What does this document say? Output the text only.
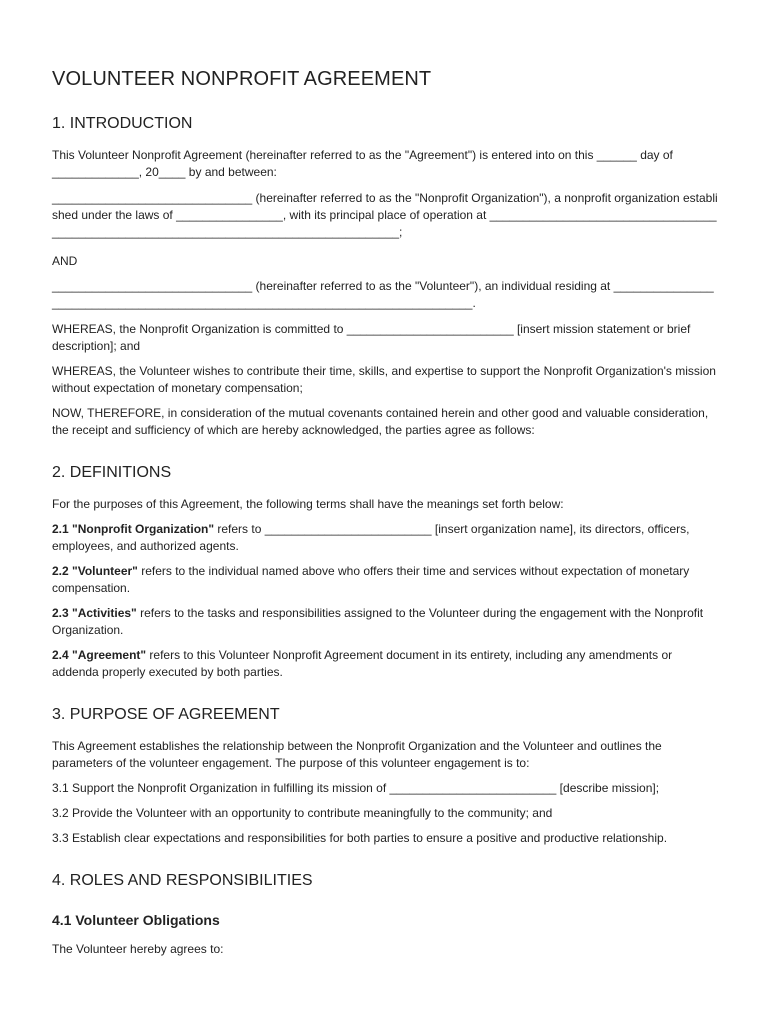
VOLUNTEER NONPROFIT AGREEMENT
1. INTRODUCTION

This Volunteer Nonprofit Agreement (hereinafter referred to as the "Agreement") is entered into on this ______ day of _____________, 20____ by and between:

______________________________ (hereinafter referred to as the "Nonprofit Organization"), a nonprofit organization established under the laws of ________________, with its principal place of operation at ______________________________________________________________________________________;

AND

______________________________ (hereinafter referred to as the "Volunteer"), an individual residing at ______________________________________________________________________________.

WHEREAS, the Nonprofit Organization is committed to _________________________ [insert mission statement or brief description]; and

WHEREAS, the Volunteer wishes to contribute their time, skills, and expertise to support the Nonprofit Organization's mission without expectation of monetary compensation;

NOW, THEREFORE, in consideration of the mutual covenants contained herein and other good and valuable consideration, the receipt and sufficiency of which are hereby acknowledged, the parties agree as follows:

2. DEFINITIONS

For the purposes of this Agreement, the following terms shall have the meanings set forth below:

2.1 "Nonprofit Organization" refers to _________________________ [insert organization name], its directors, officers, employees, and authorized agents.

2.2 "Volunteer" refers to the individual named above who offers their time and services without expectation of monetary compensation.

2.3 "Activities" refers to the tasks and responsibilities assigned to the Volunteer during the engagement with the Nonprofit Organization.

2.4 "Agreement" refers to this Volunteer Nonprofit Agreement document in its entirety, including any amendments or addenda properly executed by both parties.

3. PURPOSE OF AGREEMENT

This Agreement establishes the relationship between the Nonprofit Organization and the Volunteer and outlines the parameters of the volunteer engagement. The purpose of this volunteer engagement is to:

3.1 Support the Nonprofit Organization in fulfilling its mission of _________________________ [describe mission];

3.2 Provide the Volunteer with an opportunity to contribute meaningfully to the community; and

3.3 Establish clear expectations and responsibilities for both parties to ensure a positive and productive relationship.

4. ROLES AND RESPONSIBILITIES
4.1 Volunteer Obligations

The Volunteer hereby agrees to:
